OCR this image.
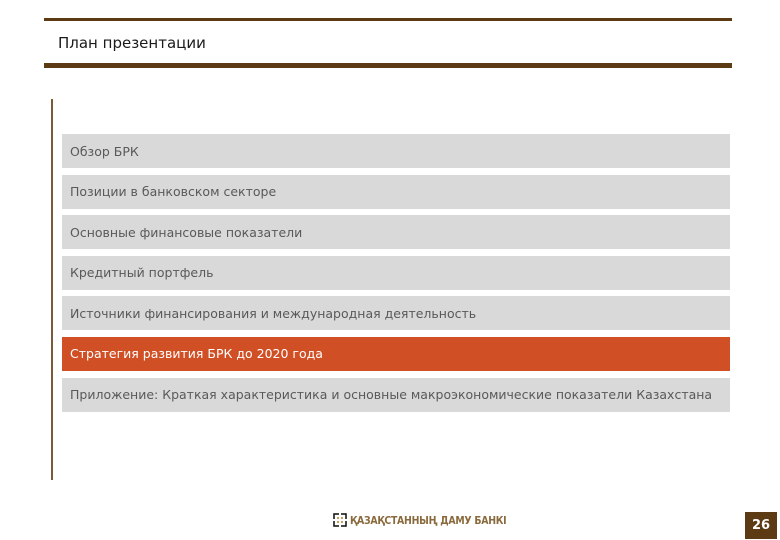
План презентации
Обзор БРК
Позиции в банковском секторе
Основные финансовые показатели
Кредитный портфель
Источники финансирования и международная деятельность
Стратегия развития БРК до 2020 года
Приложение: Краткая характеристика и основные макроэкономические показатели Казахстана
ҚАЗАҚСТАННЫҢ ДАМУ БАНКІ	26
